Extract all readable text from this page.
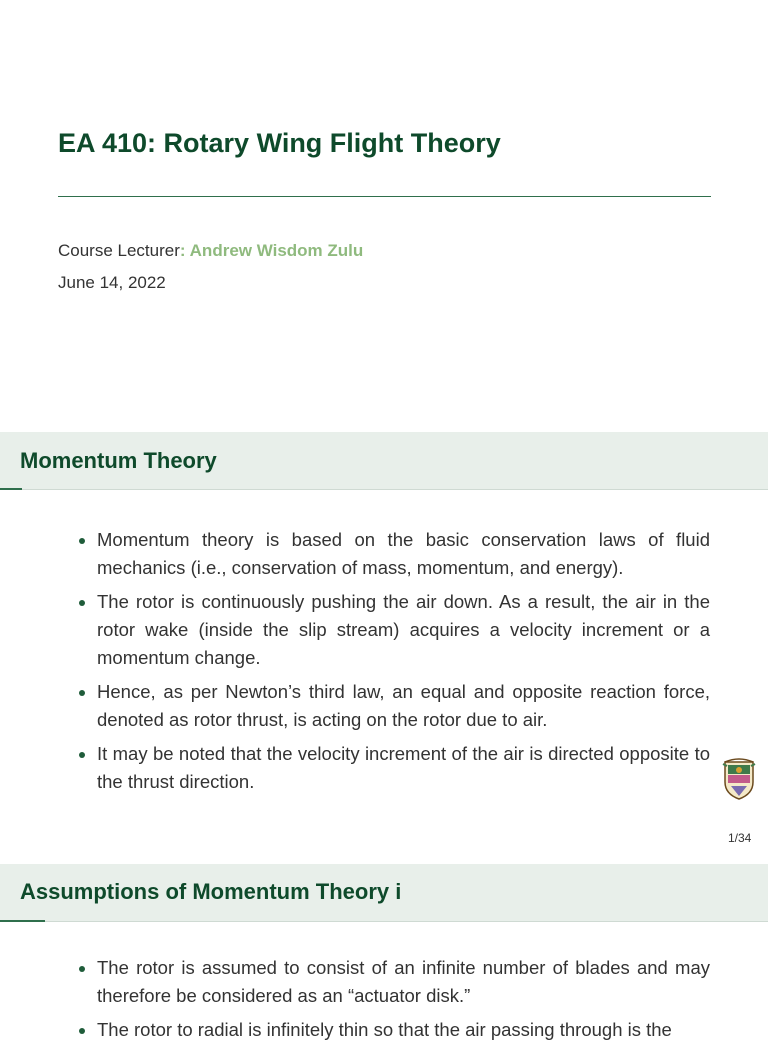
EA 410: Rotary Wing Flight Theory
Course Lecturer: Andrew Wisdom Zulu
June 14, 2022
Momentum Theory
Momentum theory is based on the basic conservation laws of fluid mechanics (i.e., conservation of mass, momentum, and energy).
The rotor is continuously pushing the air down. As a result, the air in the rotor wake (inside the slip stream) acquires a velocity increment or a momentum change.
Hence, as per Newton’s third law, an equal and opposite reaction force, denoted as rotor thrust, is acting on the rotor due to air.
It may be noted that the velocity increment of the air is directed opposite to the thrust direction.
1/34
Assumptions of Momentum Theory i
The rotor is assumed to consist of an infinite number of blades and may therefore be considered as an “actuator disk.”
The rotor to radial is infinitely thin so that the air passing through is the
